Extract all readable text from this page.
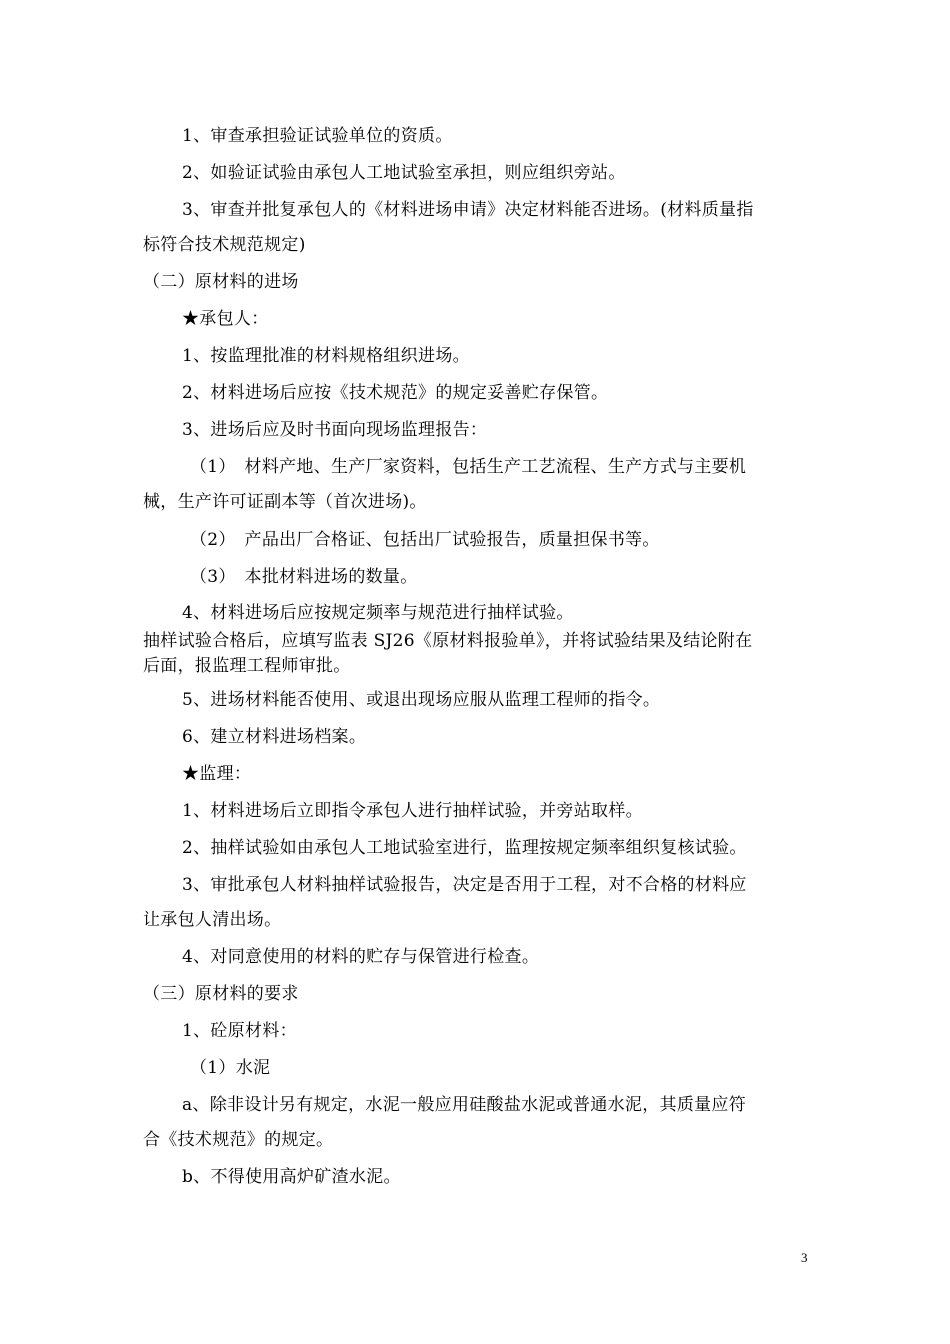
1、审查承担验证试验单位的资质。
2、如验证试验由承包人工地试验室承担，则应组织旁站。
3、审查并批复承包人的《材料进场申请》决定材料能否进场。(材料质量指
标符合技术规范规定)
（二）原材料的进场
★承包人：
1、按监理批准的材料规格组织进场。
2、材料进场后应按《技术规范》的规定妥善贮存保管。
3、进场后应及时书面向现场监理报告：
（1）　材料产地、生产厂家资料，包括生产工艺流程、生产方式与主要机
械，生产许可证副本等（首次进场)。
（2）　产品出厂合格证、包括出厂试验报告，质量担保书等。
（3）　本批材料进场的数量。
4、材料进场后应按规定频率与规范进行抽样试验。
抽样试验合格后，应填写监表 SJ26《原材料报验单》，并将试验结果及结论附在
后面，报监理工程师审批。
5、进场材料能否使用、或退出现场应服从监理工程师的指令。
6、建立材料进场档案。
★监理：
1、材料进场后立即指令承包人进行抽样试验，并旁站取样。
2、抽样试验如由承包人工地试验室进行，监理按规定频率组织复核试验。
3、审批承包人材料抽样试验报告，决定是否用于工程，对不合格的材料应
让承包人清出场。
4、对同意使用的材料的贮存与保管进行检查。
（三）原材料的要求
1、砼原材料：
（1）水泥
a、除非设计另有规定，水泥一般应用硅酸盐水泥或普通水泥，其质量应符
合《技术规范》的规定。
b、不得使用高炉矿渣水泥。
3
